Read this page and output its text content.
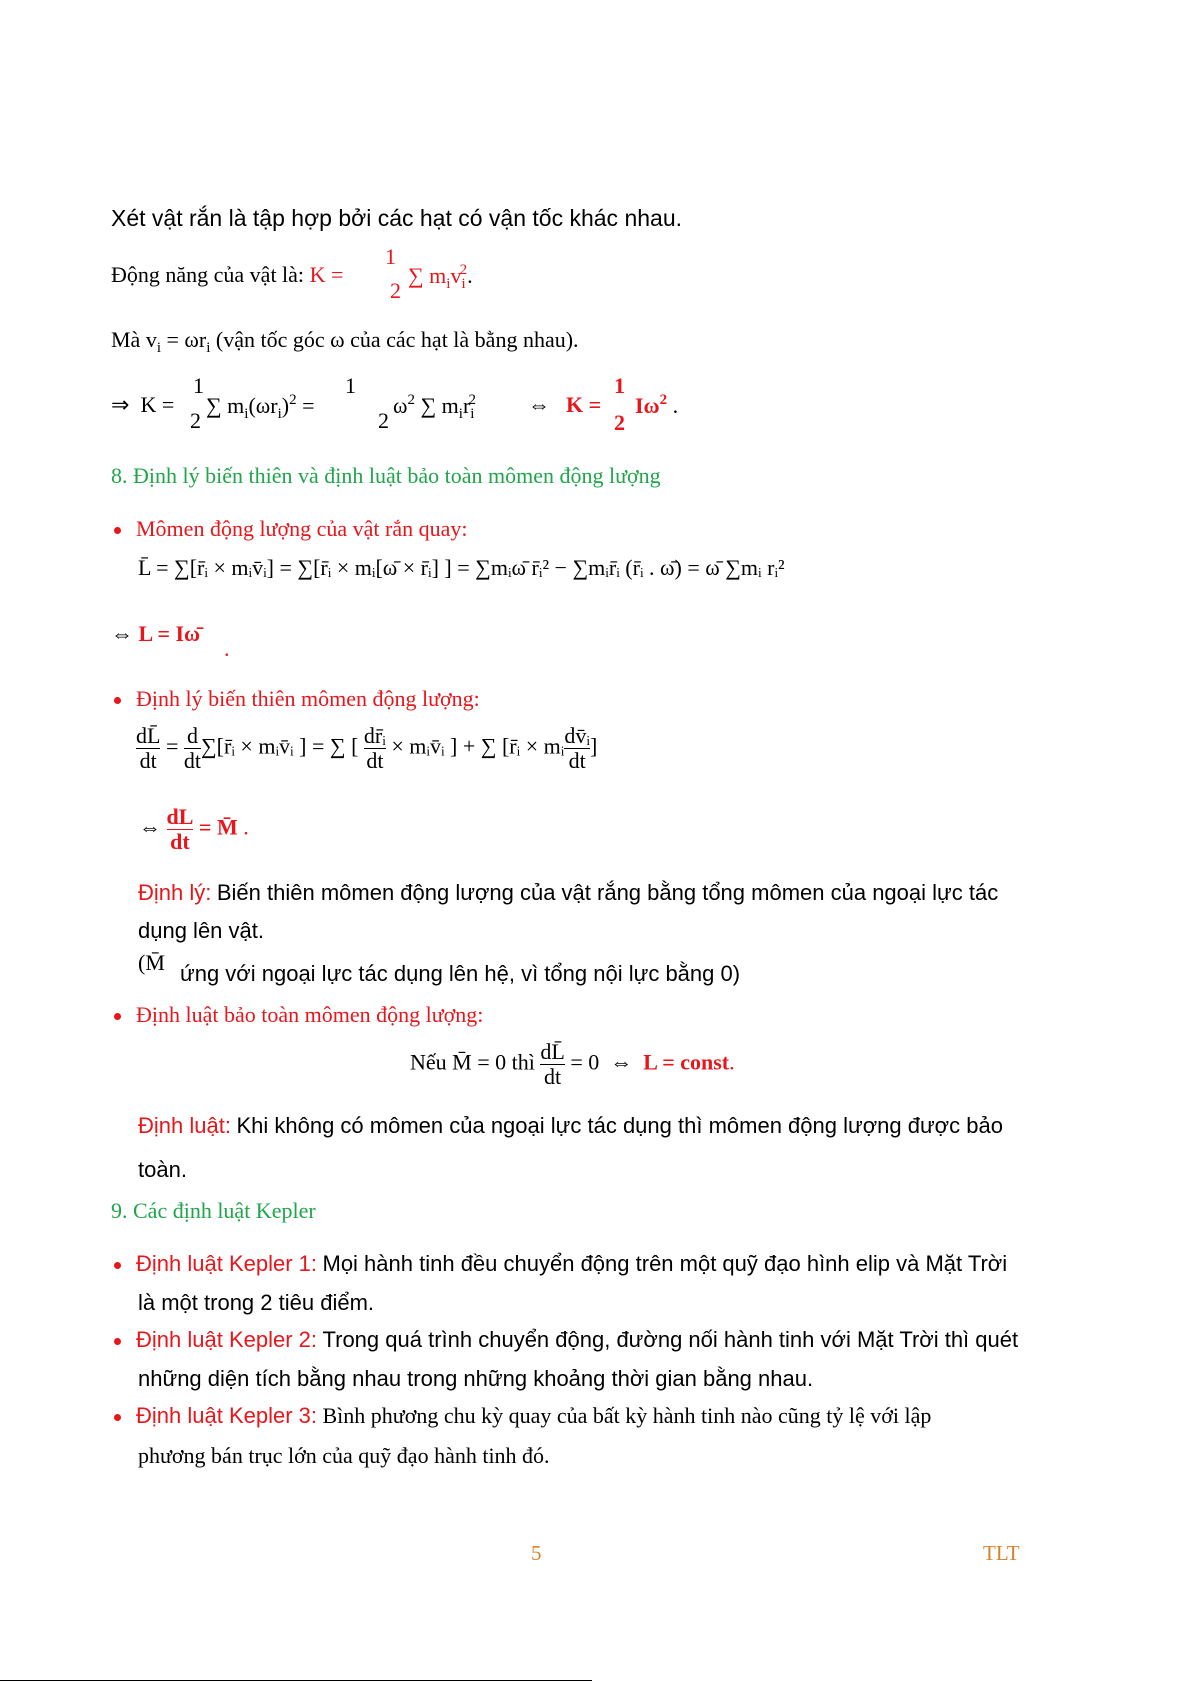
Xét vật rắn là tập hợp bởi các hạt có vận tốc khác nhau.
Động năng của vật là: K =
1
2
∑ $m_iv_i^2$.
Mà $v_i = \omega r_i$ (vận tốc góc ω của các hạt là bằng nhau).
⇒ K =
1
2
∑ $m_i(\omega r_i)^2$ =
1
2
$\omega^2$ ∑ $m_ir_i^2$ ⇔ K =
1
2
$I\omega^2$ .
8. Định lý biến thiên và định luật bảo toàn mômen động lượng
Mômen động lượng của vật rắn quay:
L̄ = ∑[r̄ᵢ × mᵢv̄ᵢ] = ∑[r̄ᵢ × mᵢ[ω̄ × r̄ᵢ] ] = ∑mᵢω̄ r̄ᵢ² − ∑mᵢr̄ᵢ (r̄ᵢ . ω̄) = ω̄ ∑mᵢ rᵢ²
⇔ L = Iω̄
.
Định lý biến thiên mômen động lượng:
$\frac{dL̄}{dt} = \frac{d}{dt}$ ∑[r̄ᵢ × mᵢv̄ᵢ ] = ∑ [ $\frac{\text{dr̄ᵢ}}{dt}$ × mᵢv̄ᵢ ] + ∑ [r̄ᵢ × mᵢ $\frac{\text{dv̄ᵢ}}{dt}$ ]
⇔ $\frac{dL}{dt}$ = M̄ .
Định lý: Biến thiên mômen động lượng của vật rắng bằng tổng mômen của ngoại lực tác
dụng lên vật.
(M̄ ứng với ngoại lực tác dụng lên hệ, vì tổng nội lực bằng 0)
Định luật bảo toàn mômen động lượng:
Nếu M̄ = 0 thì $\frac{dL̄}{dt} = 0$ ⇔ L = const.
Định luật: Khi không có mômen của ngoại lực tác dụng thì mômen động lượng được bảo
toàn.
9. Các định luật Kepler
Định luật Kepler 1: Mọi hành tinh đều chuyển động trên một quỹ đạo hình elip và Mặt Trời
là một trong 2 tiêu điểm.
Định luật Kepler 2: Trong quá trình chuyển động, đường nối hành tinh với Mặt Trời thì quét
những diện tích bằng nhau trong những khoảng thời gian bằng nhau.
Định luật Kepler 3: Bình phương chu kỳ quay của bất kỳ hành tinh nào cũng tỷ lệ với lập
phương bán trục lớn của quỹ đạo hành tinh đó.
5	TLT
